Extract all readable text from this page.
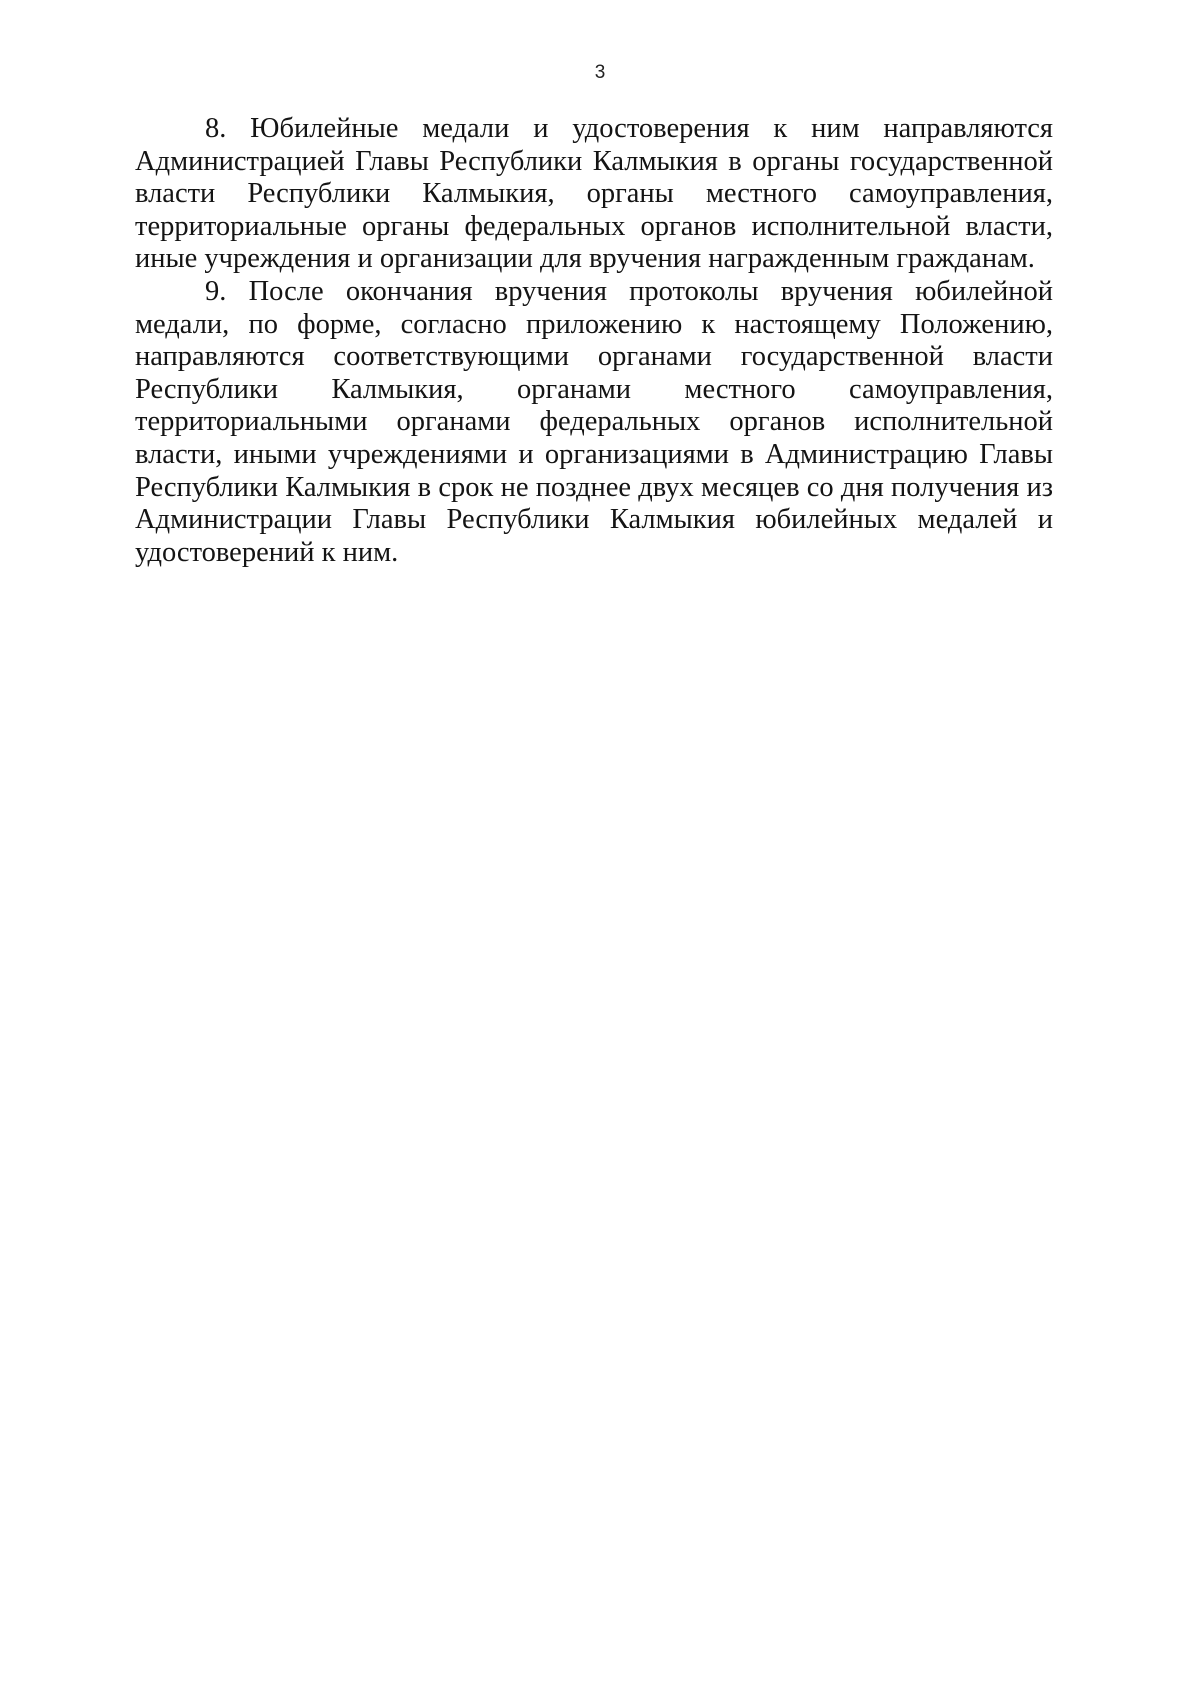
3

8. Юбилейные медали и удостоверения к ним направляются Администрацией Главы Республики Калмыкия в органы государственной власти Республики Калмыкия, органы местного самоуправления, территориальные органы федеральных органов исполнительной власти, иные учреждения и организации для вручения награжденным гражданам.

9. После окончания вручения протоколы вручения юбилейной медали, по форме, согласно приложению к настоящему Положению, направляются соответствующими органами государственной власти Республики Калмыкия, органами местного самоуправления, территориальными органами федеральных органов исполнительной власти, иными учреждениями и организациями в Администрацию Главы Республики Калмыкия в срок не позднее двух месяцев со дня получения из Администрации Главы Республики Калмыкия юбилейных медалей и удостоверений к ним.
